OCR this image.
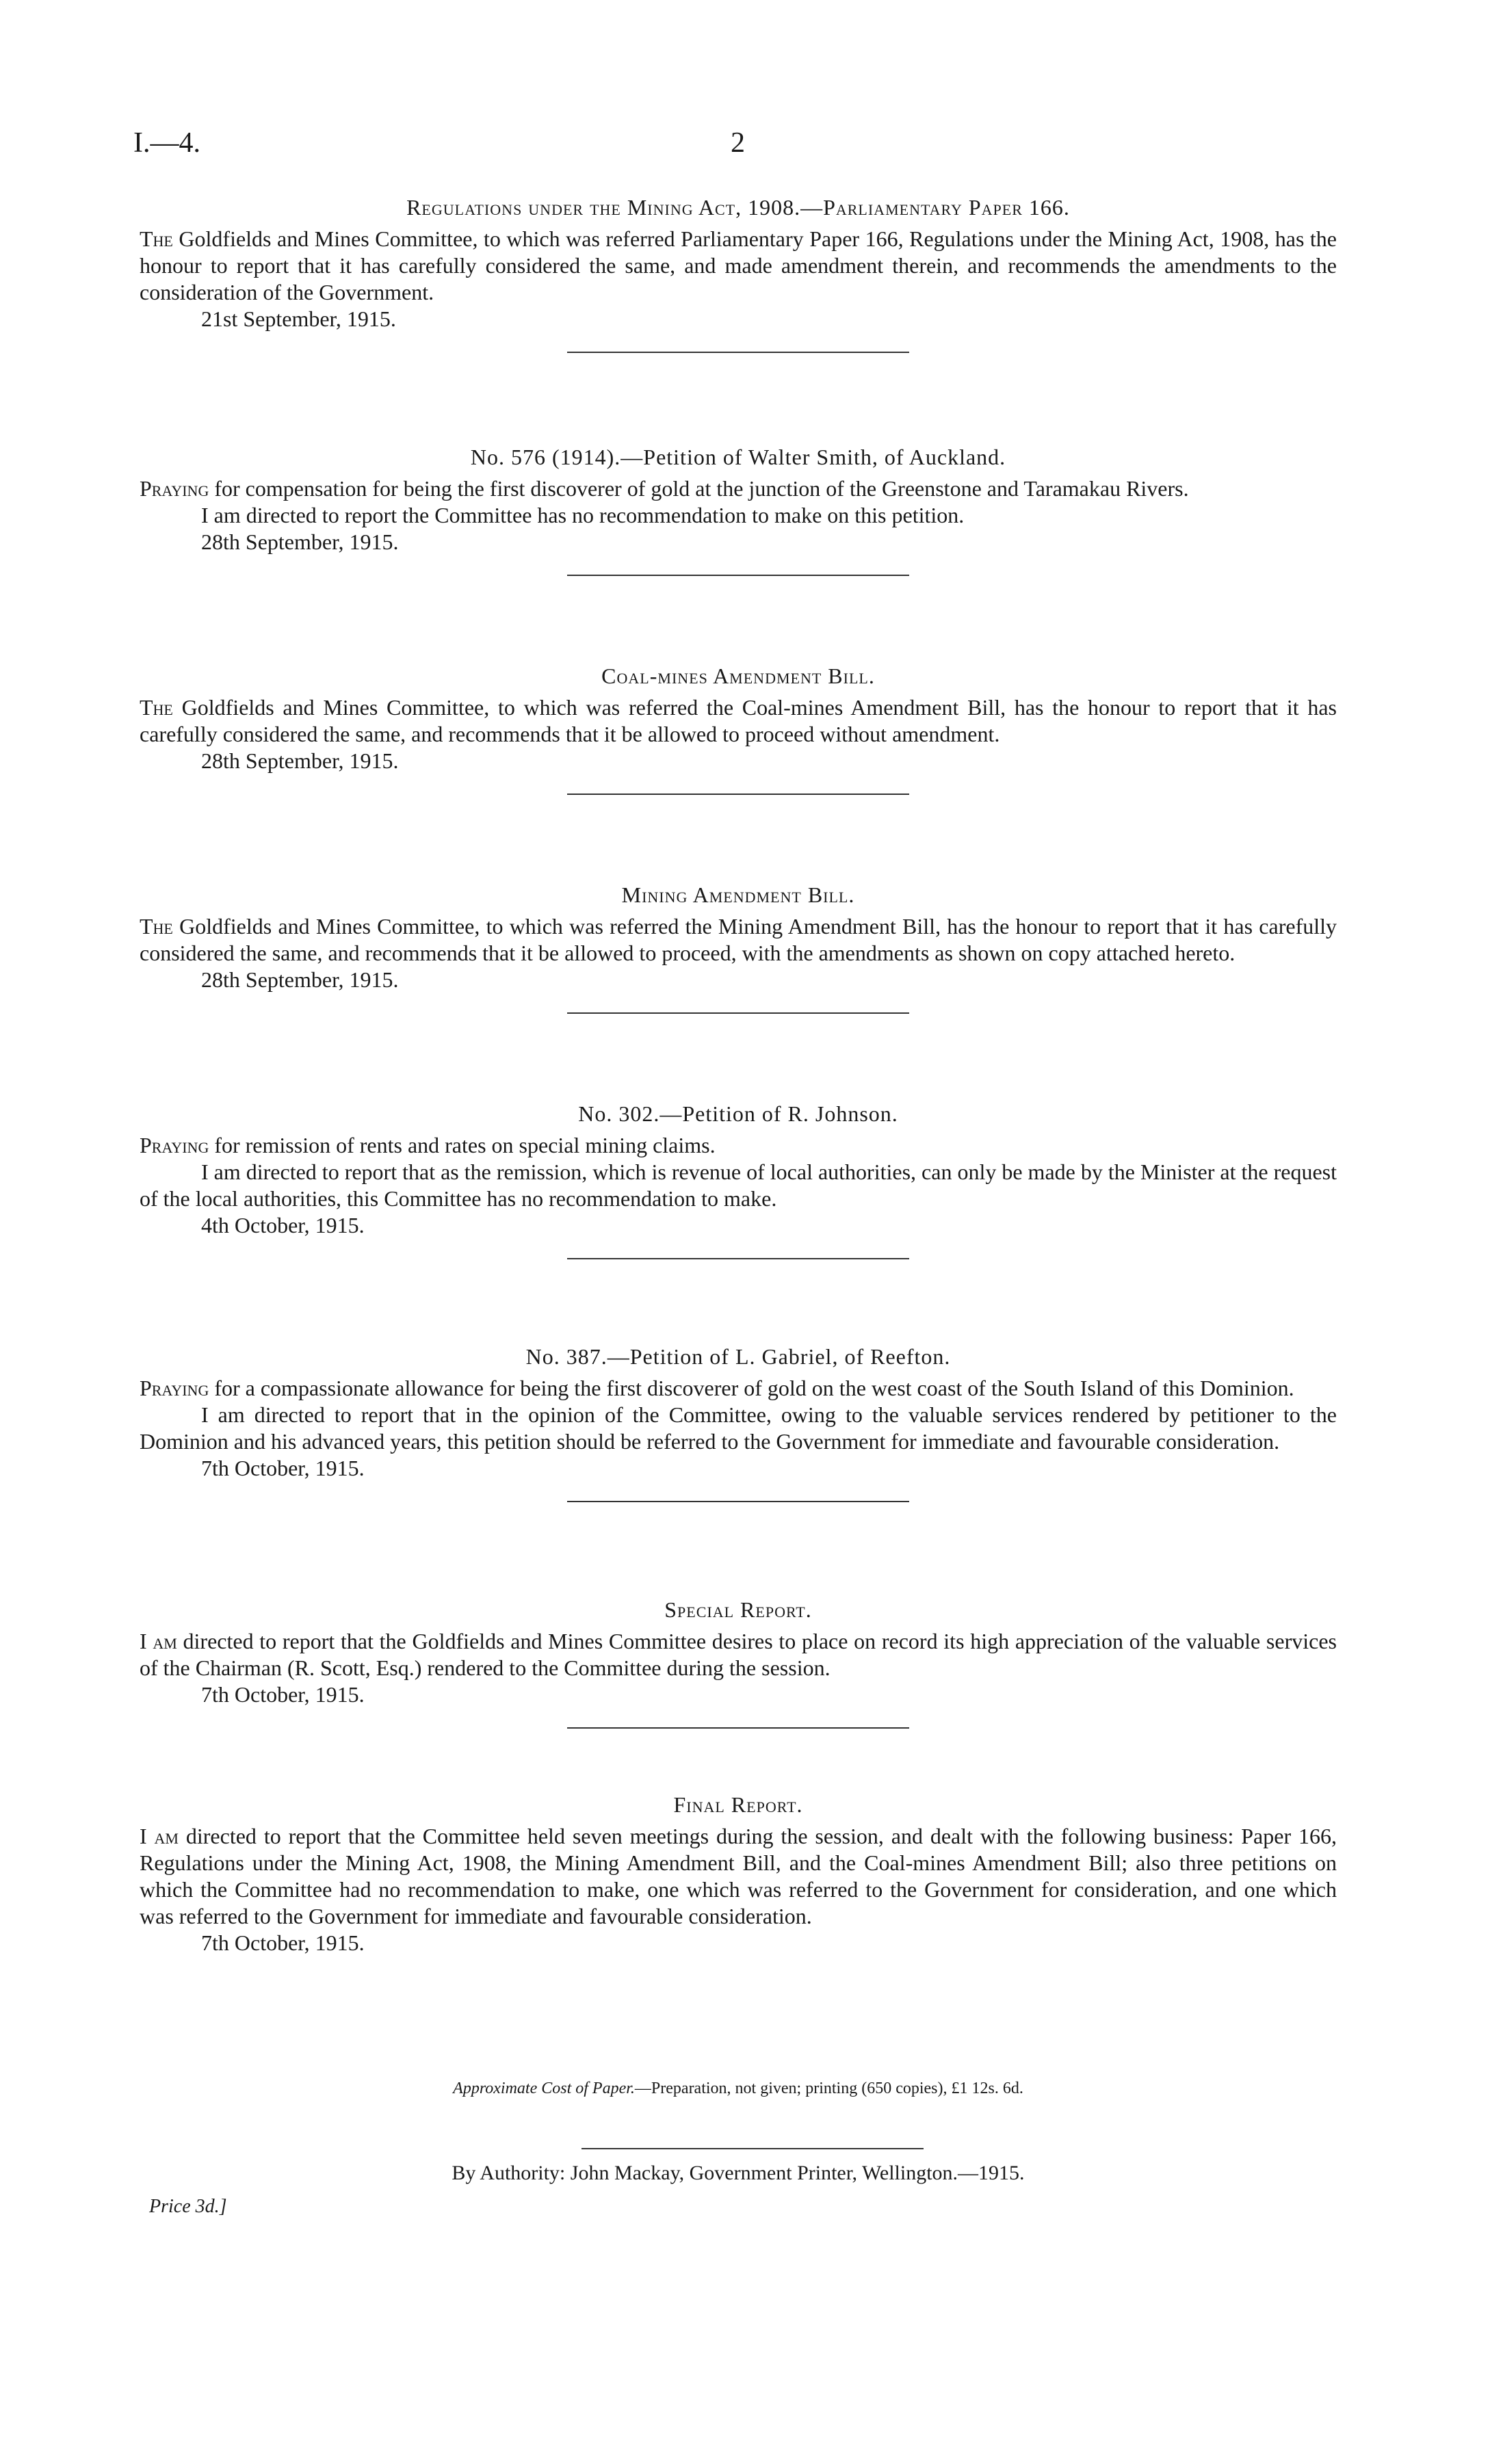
I.—4.	2
Regulations under the Mining Act, 1908.—Parliamentary Paper 166.

The Goldfields and Mines Committee, to which was referred Parliamentary Paper 166, Regulations under the Mining Act, 1908, has the honour to report that it has carefully considered the same, and made amendment therein, and recommends the amendments to the consideration of the Government.

21st September, 1915.

No. 576 (1914).—Petition of Walter Smith, of Auckland.

Praying for compensation for being the first discoverer of gold at the junction of the Greenstone and Taramakau Rivers.

I am directed to report the Committee has no recommendation to make on this petition.

28th September, 1915.

Coal-mines Amendment Bill.

The Goldfields and Mines Committee, to which was referred the Coal-mines Amendment Bill, has the honour to report that it has carefully considered the same, and recommends that it be allowed to proceed without amendment.

28th September, 1915.

Mining Amendment Bill.

The Goldfields and Mines Committee, to which was referred the Mining Amendment Bill, has the honour to report that it has carefully considered the same, and recommends that it be allowed to proceed, with the amendments as shown on copy attached hereto.

28th September, 1915.

No. 302.—Petition of R. Johnson.

Praying for remission of rents and rates on special mining claims.

I am directed to report that as the remission, which is revenue of local authorities, can only be made by the Minister at the request of the local authorities, this Committee has no recommendation to make.

4th October, 1915.

No. 387.—Petition of L. Gabriel, of Reefton.

Praying for a compassionate allowance for being the first discoverer of gold on the west coast of the South Island of this Dominion.

I am directed to report that in the opinion of the Committee, owing to the valuable services rendered by petitioner to the Dominion and his advanced years, this petition should be referred to the Government for immediate and favourable consideration.

7th October, 1915.

Special Report.

I am directed to report that the Goldfields and Mines Committee desires to place on record its high appreciation of the valuable services of the Chairman (R. Scott, Esq.) rendered to the Committee during the session.

7th October, 1915.

Final Report.

I am directed to report that the Committee held seven meetings during the session, and dealt with the following business: Paper 166, Regulations under the Mining Act, 1908, the Mining Amendment Bill, and the Coal-mines Amendment Bill; also three petitions on which the Committee had no recommendation to make, one which was referred to the Government for consideration, and one which was referred to the Government for immediate and favourable consideration.

7th October, 1915.

Approximate Cost of Paper.—Preparation, not given; printing (650 copies), £1 12s. 6d.
By Authority: John Mackay, Government Printer, Wellington.—1915.
Price 3d.]
